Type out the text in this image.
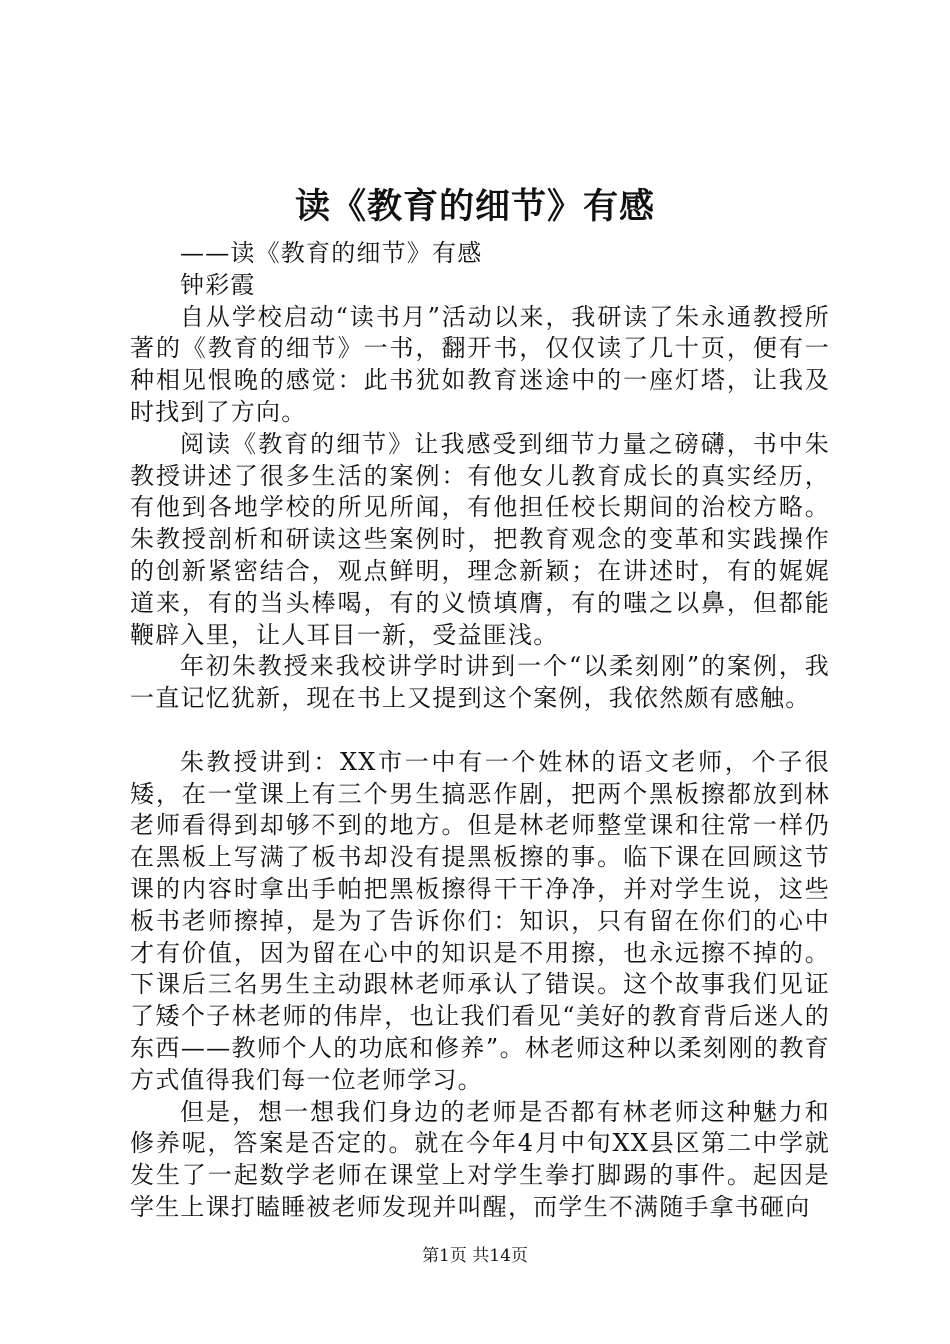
读《教育的细节》有感

——读《教育的细节》有感

钟彩霞

自从学校启动“读书月”活动以来，我研读了朱永通教授所著的《教育的细节》一书，翻开书，仅仅读了几十页，便有一种相见恨晚的感觉：此书犹如教育迷途中的一座灯塔，让我及时找到了方向。

阅读《教育的细节》让我感受到细节力量之磅礴，书中朱教授讲述了很多生活的案例：有他女儿教育成长的真实经历，有他到各地学校的所见所闻，有他担任校长期间的治校方略。朱教授剖析和研读这些案例时，把教育观念的变革和实践操作的创新紧密结合，观点鲜明，理念新颖；在讲述时，有的娓娓道来，有的当头棒喝，有的义愤填膺，有的嗤之以鼻，但都能鞭辟入里，让人耳目一新，受益匪浅。

年初朱教授来我校讲学时讲到一个“以柔刻刚”的案例，我一直记忆犹新，现在书上又提到这个案例，我依然颇有感触。

朱教授讲到：XX市一中有一个姓林的语文老师，个子很矮，在一堂课上有三个男生搞恶作剧，把两个黑板擦都放到林老师看得到却够不到的地方。但是林老师整堂课和往常一样仍在黑板上写满了板书却没有提黑板擦的事。临下课在回顾这节课的内容时拿出手帕把黑板擦得干干净净，并对学生说，这些板书老师擦掉，是为了告诉你们：知识，只有留在你们的心中才有价值，因为留在心中的知识是不用擦，也永远擦不掉的。下课后三名男生主动跟林老师承认了错误。这个故事我们见证了矮个子林老师的伟岸，也让我们看见“美好的教育背后迷人的东西——教师个人的功底和修养”。林老师这种以柔刻刚的教育方式值得我们每一位老师学习。

但是，想一想我们身边的老师是否都有林老师这种魅力和修养呢，答案是否定的。就在今年4月中旬XX县区第二中学就发生了一起数学老师在课堂上对学生拳打脚踢的事件。起因是学生上课打瞌睡被老师发现并叫醒，而学生不满随手拿书砸向

第1页 共14页
